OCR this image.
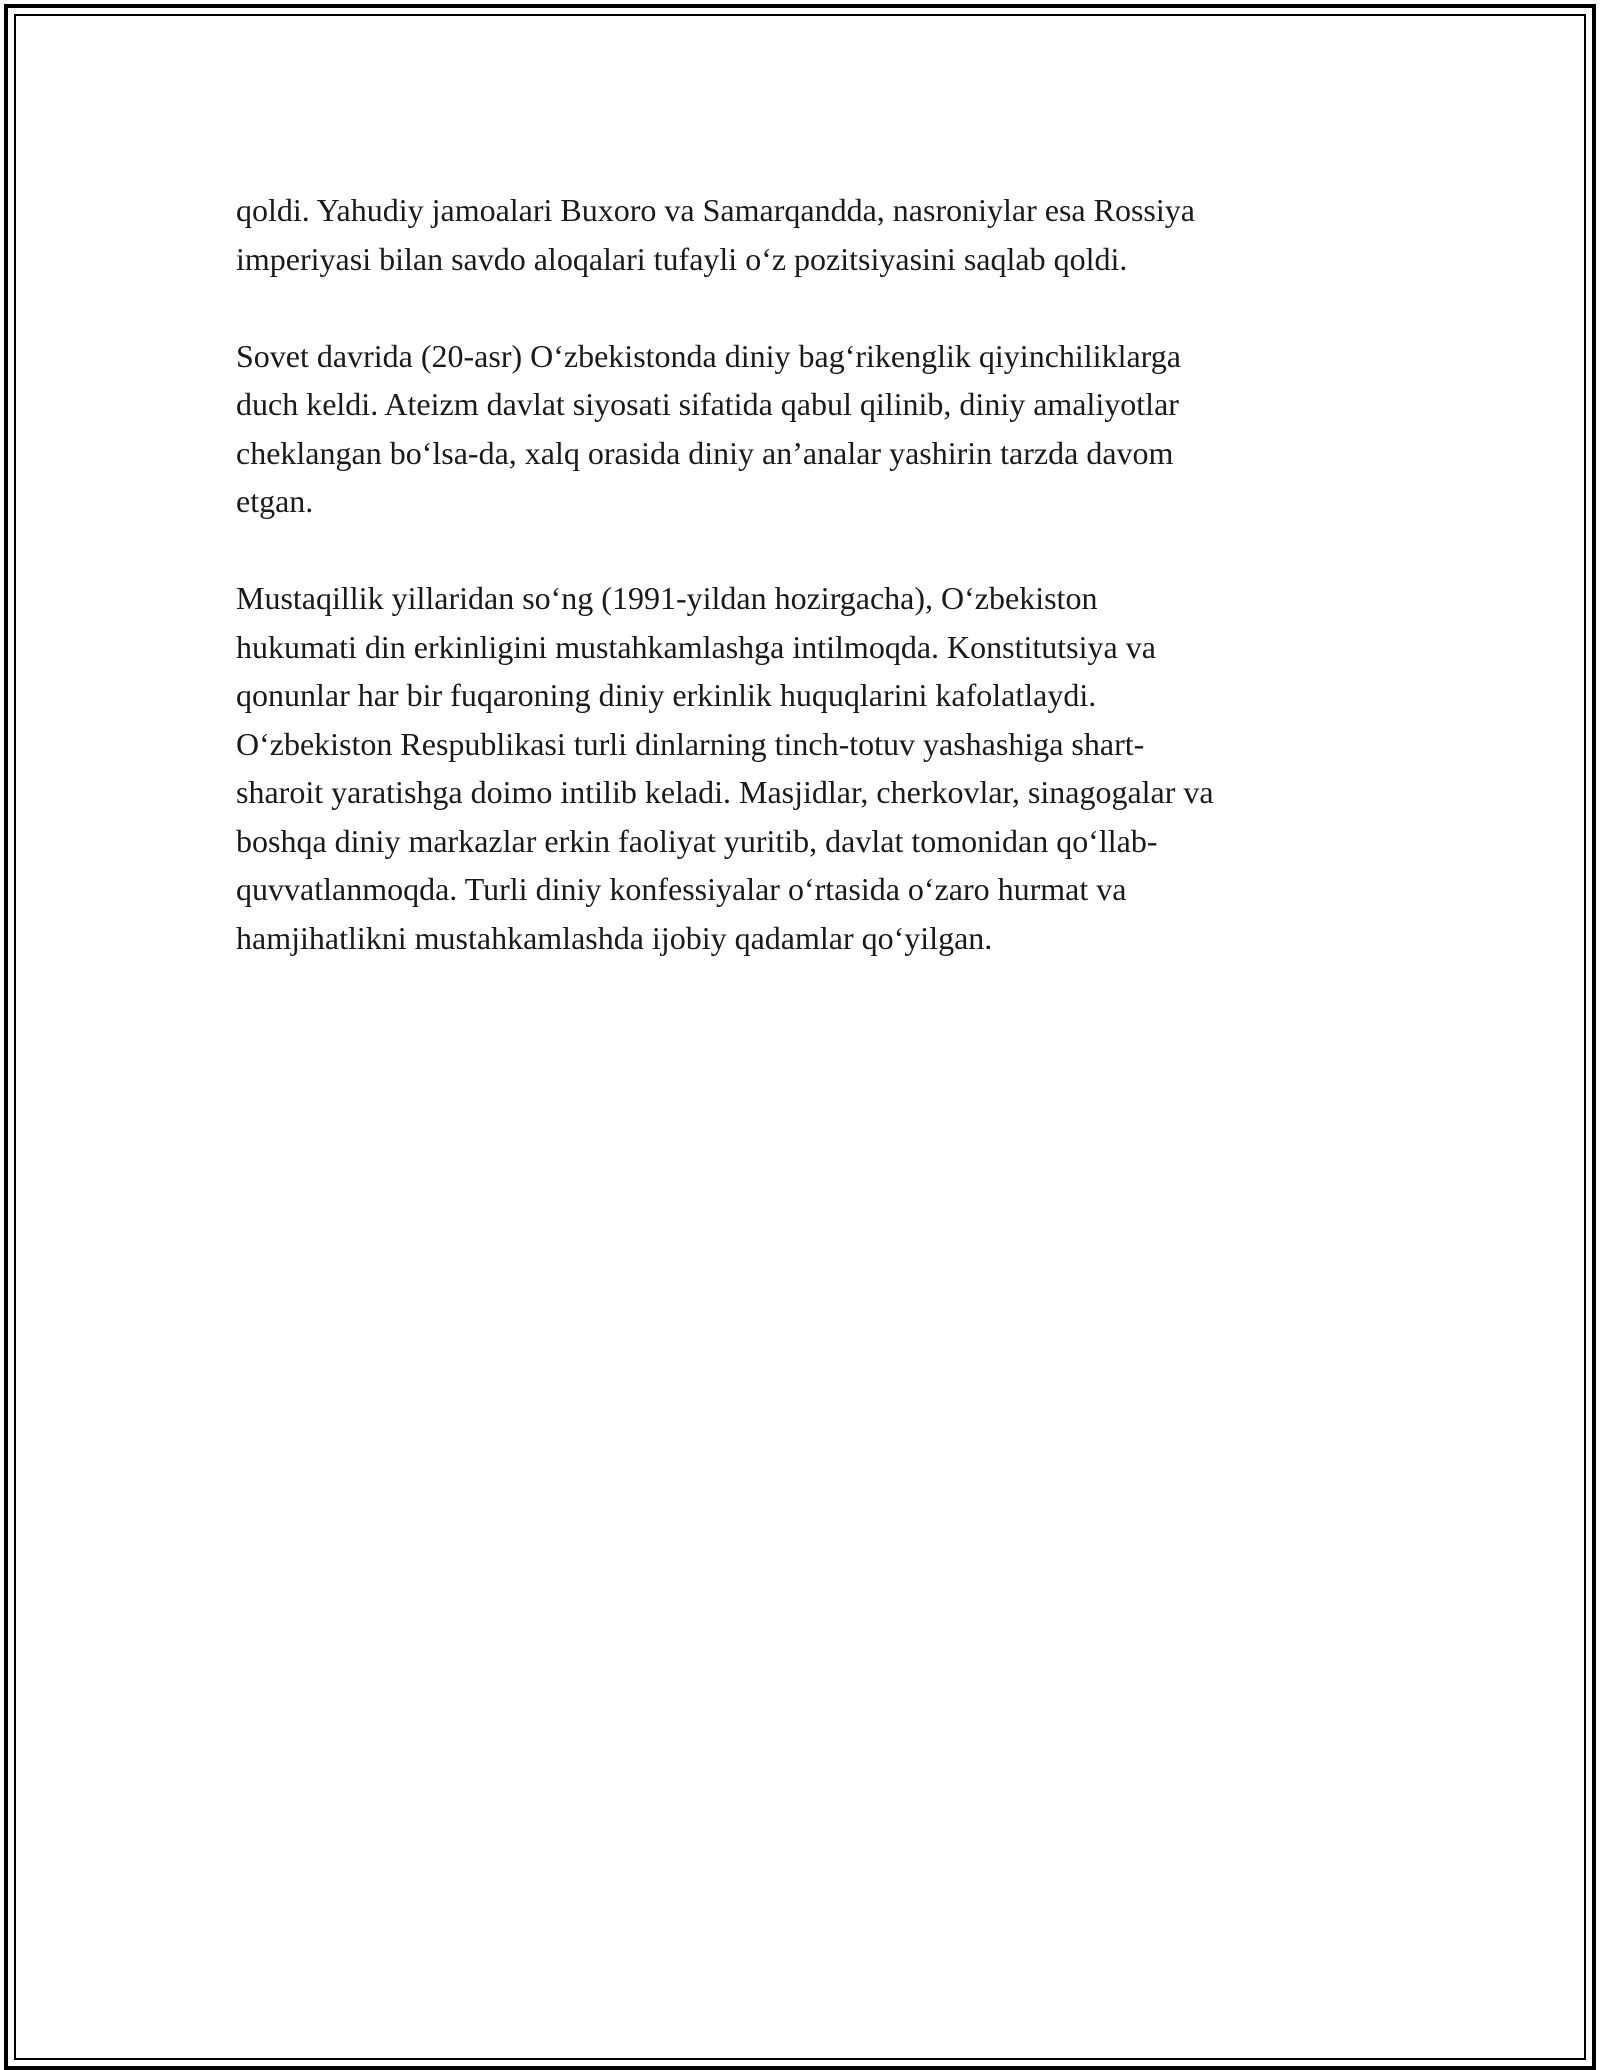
qoldi. Yahudiy jamoalari Buxoro va Samarqandda, nasroniylar esa Rossiya
imperiyasi bilan savdo aloqalari tufayli o‘z pozitsiyasini saqlab qoldi.

Sovet davrida (20-asr) O‘zbekistonda diniy bag‘rikenglik qiyinchiliklarga
duch keldi. Ateizm davlat siyosati sifatida qabul qilinib, diniy amaliyotlar
cheklangan bo‘lsa-da, xalq orasida diniy an’analar yashirin tarzda davom
etgan.

Mustaqillik yillaridan so‘ng (1991-yildan hozirgacha), O‘zbekiston
hukumati din erkinligini mustahkamlashga intilmoqda. Konstitutsiya va
qonunlar har bir fuqaroning diniy erkinlik huquqlarini kafolatlaydi.
O‘zbekiston Respublikasi turli dinlarning tinch-totuv yashashiga shart-
sharoit yaratishga doimo intilib keladi. Masjidlar, cherkovlar, sinagogalar va
boshqa diniy markazlar erkin faoliyat yuritib, davlat tomonidan qo‘llab-
quvvatlanmoqda. Turli diniy konfessiyalar o‘rtasida o‘zaro hurmat va
hamjihatlikni mustahkamlashda ijobiy qadamlar qo‘yilgan.
